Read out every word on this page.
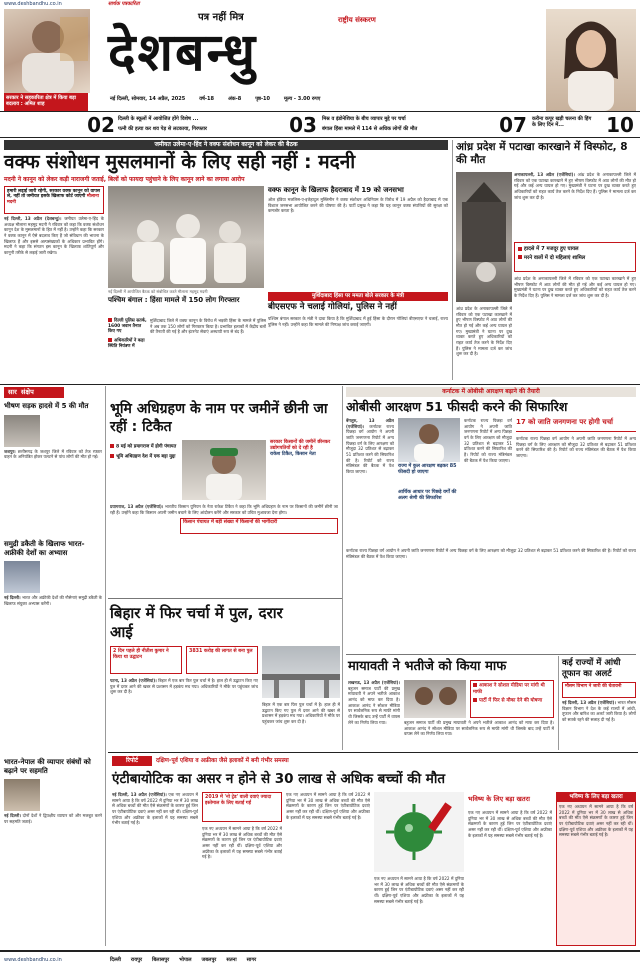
www.deshbandhu.co.in	सार्थक पत्रकारिता
सरकार ने सहकारिता क्षेत्र में किया बड़ा बदलाव : अमित शाह
पत्र नहीं मित्र	राष्ट्रीय संस्करण
देशबन्धु
नई दिल्ली, सोमवार, 14 अप्रैल, 2025	वर्ष-18	अंक-8	पृष्ठ-10	मूल्य - 3.00 रुपए
02 दिल्ली के स्कूलों में आयोजित होंगे विशेष ...
पत्नी की हत्या कर शव पेड़ से लटकाया, गिरफ्तार	03 मिस्र व इंडोनेशिया के बीच व्यापार मुद्दे पर चर्चा
बंगाल हिंसा मामले में 114 से अधिक लोगों की मौत	07 करीना कपूर खड़ी चलना की हिंग के लिए दिन में...	10
जमीयत उलेमा-ए-हिंद ने वक्फ संशोधन कानून को लेकर की बैठक
वक्फ संशोधन मुसलमानों के लिए सही नहीं : मदनी
मदनी ने कानून को लेकर कड़ी नाराजगी जताई, बिलों को फायदा पहुंचाने के लिए कानून लाने का लगाया आरोप
हमारी लड़ाई जारी रहेगी, सरकार वक्फ कानून को वापस ले, नहीं तो जमीयत इसके खिलाफ कोर्ट जाएगी मौलाना मदनी
नई दिल्ली, 13 अप्रैल (देशबन्धु)। जमीयत उलेमा-ए-हिंद के अध्यक्ष मौलाना महमूद मदनी ने रविवार को कहा कि वक्फ संशोधन कानून देश के मुसलमानों के हित में नहीं है। उन्होंने कहा कि सरकार ने वक्फ कानून में ऐसे बदलाव किए हैं जो संविधान की भावना के खिलाफ हैं और इससे अल्पसंख्यकों के अधिकार प्रभावित होंगे। मदनी ने कहा कि संगठन इस कानून के खिलाफ शांतिपूर्ण और कानूनी तरीके से लड़ाई जारी रखेगा।
नई दिल्ली में आयोजित बैठक को संबोधित करते मौलाना महमूद मदनी
वक्फ कानून के खिलाफ हैदराबाद में 19 को जनसभा
ऑल इंडिया मजलिस-ए-इत्तेहादुल मुस्लिमीन ने वक्फ संशोधन अधिनियम के विरोध में 19 अप्रैल को हैदराबाद में एक विशाल जनसभा आयोजित करने की घोषणा की है। पार्टी प्रमुख ने कहा कि यह कानून वक्फ संपत्तियों की सुरक्षा को कमजोर करता है।
पश्चिम बंगाल : हिंसा मामले में 150 लोग गिरफ्तार
दिल्ली पुलिस सतर्क, 1600 जवान तैनात किए गए
अधिकारियों ने कहा स्थिति नियंत्रण में
मुर्शिदाबाद जिले में वक्फ कानून के विरोध में भड़की हिंसा के मामले में पुलिस ने अब तक 150 लोगों को गिरफ्तार किया है। प्रभावित इलाकों में केंद्रीय बलों की तैनाती की गई है और इंटरनेट सेवाएं अस्थायी रूप से बंद हैं।
मुर्शिदाबाद हिंसा पर ममता बोले सरकार के मंत्री
बीएसएफ ने चलाई गोलियां, पुलिस ने नहीं
पश्चिम बंगाल सरकार के मंत्री ने दावा किया है कि मुर्शिदाबाद में हुई हिंसा के दौरान गोलियां बीएसएफ ने चलाईं, राज्य पुलिस ने नहीं। उन्होंने कहा कि मामले की निष्पक्ष जांच कराई जाएगी।
आंध्र प्रदेश में पटाखा कारखाने में विस्फोट, 8 की मौत
अनाकापल्ली, 13 अप्रैल (एजेंसियां)। आंध्र प्रदेश के अनाकापल्ली जिले में रविवार को एक पटाखा कारखाने में हुए भीषण विस्फोट में आठ लोगों की मौत हो गई और कई अन्य घायल हो गए। मुख्यमंत्री ने घटना पर दुख व्यक्त करते हुए अधिकारियों को राहत कार्य तेज करने के निर्देश दिए हैं। पुलिस ने मामला दर्ज कर जांच शुरू कर दी है।
हादसे में 7 मजदूर हुए घायल
मरने वालों में दो महिलाएं शामिल
आंध्र प्रदेश के अनाकापल्ली जिले में रविवार को एक पटाखा कारखाने में हुए भीषण विस्फोट में आठ लोगों की मौत हो गई और कई अन्य घायल हो गए। मुख्यमंत्री ने घटना पर दुख व्यक्त करते हुए अधिकारियों को राहत कार्य तेज करने के निर्देश दिए हैं। पुलिस ने मामला दर्ज कर जांच शुरू कर दी है।
आंध्र प्रदेश के अनाकापल्ली जिले में रविवार को एक पटाखा कारखाने में हुए भीषण विस्फोट में आठ लोगों की मौत हो गई और कई अन्य घायल हो गए। मुख्यमंत्री ने घटना पर दुख व्यक्त करते हुए अधिकारियों को राहत कार्य तेज करने के निर्देश दिए हैं। पुलिस ने मामला दर्ज कर जांच शुरू कर दी है।
सार संक्षेप
भीषण सड़क हादसे में 5 की मौत
जशपुर। छत्तीसगढ़ के जशपुर जिले में रविवार को तेज रफ्तार वाहन के अनियंत्रित होकर पलटने से पांच लोगों की मौत हो गई।
समुद्री डकैती के खिलाफ भारत-अफ्रीकी देशों का अभ्यास
नई दिल्ली। भारत और अफ्रीकी देशों की नौसेनाएं समुद्री डकैती के खिलाफ संयुक्त अभ्यास करेंगी।
भारत-नेपाल की व्यापार संबंधों को बढ़ाने पर सहमति
नई दिल्ली। दोनों देशों ने द्विपक्षीय व्यापार को और मजबूत करने पर सहमति जताई।
भूमि अधिग्रहण के नाम पर जमीनें छीनी जा रहीं : टिकैत
8 मई को प्रयागराज में होगी पंचायत
भूमि अधिग्रहण देश में एक बड़ा मुद्दा
सरकार किसानों की जमीनें छीनकर उद्योगपतियों को दे रही है
राकेश टिकैत, किसान नेता
प्रयागराज, 13 अप्रैल (एजेंसियां)। भारतीय किसान यूनियन के नेता राकेश टिकैत ने कहा कि भूमि अधिग्रहण के नाम पर किसानों की जमीनें छीनी जा रही हैं। उन्होंने कहा कि किसान अपनी जमीन बचाने के लिए आंदोलन करेंगे और सरकार को उचित मुआवजा देना होगा।
किसान पंचायत में बड़ी संख्या में किसानों की भागीदारी
कर्नाटक में ओबीसी आरक्षण बढ़ाने की तैयारी
ओबीसी आरक्षण 51 फीसदी करने की सिफारिश
बेंगलुरु, 13 अप्रैल (एजेंसियां)। कर्नाटक राज्य पिछड़ा वर्ग आयोग ने अपनी जाति जनगणना रिपोर्ट में अन्य पिछड़ा वर्ग के लिए आरक्षण को मौजूदा 32 प्रतिशत से बढ़ाकर 51 प्रतिशत करने की सिफारिश की है। रिपोर्ट को राज्य मंत्रिमंडल की बैठक में पेश किया जाएगा।
राज्य में कुल आरक्षण बढ़कर 85 फीसदी हो जाएगा
आर्थिक आधार पर पिछड़े वर्गों की अलग श्रेणी की सिफारिश
कर्नाटक राज्य पिछड़ा वर्ग आयोग ने अपनी जाति जनगणना रिपोर्ट में अन्य पिछड़ा वर्ग के लिए आरक्षण को मौजूदा 32 प्रतिशत से बढ़ाकर 51 प्रतिशत करने की सिफारिश की है। रिपोर्ट को राज्य मंत्रिमंडल की बैठक में पेश किया जाएगा।
17 को जाति जनगणना पर होगी चर्चा
कर्नाटक राज्य पिछड़ा वर्ग आयोग ने अपनी जाति जनगणना रिपोर्ट में अन्य पिछड़ा वर्ग के लिए आरक्षण को मौजूदा 32 प्रतिशत से बढ़ाकर 51 प्रतिशत करने की सिफारिश की है। रिपोर्ट को राज्य मंत्रिमंडल की बैठक में पेश किया जाएगा।
कर्नाटक राज्य पिछड़ा वर्ग आयोग ने अपनी जाति जनगणना रिपोर्ट में अन्य पिछड़ा वर्ग के लिए आरक्षण को मौजूदा 32 प्रतिशत से बढ़ाकर 51 प्रतिशत करने की सिफारिश की है। रिपोर्ट को राज्य मंत्रिमंडल की बैठक में पेश किया जाएगा।
बिहार में फिर चर्चा में पुल, दरार आई
2 दिन पहले ही नीतीश कुमार ने किया था उद्घाटन
3831 करोड़ की लागत से बना पुल
पटना, 13 अप्रैल (एजेंसियां)। बिहार में एक बार फिर पुल चर्चा में है। हाल ही में उद्घाटन किए गए पुल में दरार आने की खबर से प्रशासन में हड़कंप मच गया। अधिकारियों ने मौके पर पहुंचकर जांच शुरू कर दी है।
बिहार में एक बार फिर पुल चर्चा में है। हाल ही में उद्घाटन किए गए पुल में दरार आने की खबर से प्रशासन में हड़कंप मच गया। अधिकारियों ने मौके पर पहुंचकर जांच शुरू कर दी है।
मायावती ने भतीजे को किया माफ
लखनऊ, 13 अप्रैल (एजेंसियां)। बहुजन समाज पार्टी की प्रमुख मायावती ने अपने भतीजे आकाश आनंद को माफ कर दिया है। आकाश आनंद ने सोशल मीडिया पर सार्वजनिक रूप से माफी मांगी थी जिसके बाद उन्हें पार्टी में वापस लेने का निर्णय लिया गया।
आकाश ने सोशल मीडिया पर मांगी थी माफी
पार्टी में फिर से मौका देने की घोषणा
बहुजन समाज पार्टी की प्रमुख मायावती ने अपने भतीजे आकाश आनंद को माफ कर दिया है। आकाश आनंद ने सोशल मीडिया पर सार्वजनिक रूप से माफी मांगी थी जिसके बाद उन्हें पार्टी में वापस लेने का निर्णय लिया गया।
कई राज्यों में आंधी तूफान का अलर्ट
मौसम विभाग ने जारी की चेतावनी
नई दिल्ली, 13 अप्रैल (एजेंसियां)। भारत मौसम विज्ञान विभाग ने देश के कई राज्यों में आंधी, तूफान और बारिश का अलर्ट जारी किया है। लोगों को सतर्क रहने की सलाह दी गई है।
रिपोर्ट	दक्षिण-पूर्व एशिया व अफ्रीका जैसे इलाकों में बनी गंभीर समस्या
एंटीबायोटिक का असर न होने से 30 लाख से अधिक बच्चों की मौत
नई दिल्ली, 13 अप्रैल (एजेंसियां)। एक नए अध्ययन में सामने आया है कि वर्ष 2022 में दुनिया भर में 30 लाख से अधिक बच्चों की मौत ऐसे संक्रमणों के कारण हुई जिन पर एंटीबायोटिक दवाएं असर नहीं कर रही थीं। दक्षिण-पूर्व एशिया और अफ्रीका के इलाकों में यह समस्या सबसे गंभीर बताई गई है।
2019 में 'नो ट्रेड' वाली दवाएं ज्यादा इस्तेमाल के लिए बताई गईं
एक नए अध्ययन में सामने आया है कि वर्ष 2022 में दुनिया भर में 30 लाख से अधिक बच्चों की मौत ऐसे संक्रमणों के कारण हुई जिन पर एंटीबायोटिक दवाएं असर नहीं कर रही थीं। दक्षिण-पूर्व एशिया और अफ्रीका के इलाकों में यह समस्या सबसे गंभीर बताई गई है।
एक नए अध्ययन में सामने आया है कि वर्ष 2022 में दुनिया भर में 30 लाख से अधिक बच्चों की मौत ऐसे संक्रमणों के कारण हुई जिन पर एंटीबायोटिक दवाएं असर नहीं कर रही थीं। दक्षिण-पूर्व एशिया और अफ्रीका के इलाकों में यह समस्या सबसे गंभीर बताई गई है।
एक नए अध्ययन में सामने आया है कि वर्ष 2022 में दुनिया भर में 30 लाख से अधिक बच्चों की मौत ऐसे संक्रमणों के कारण हुई जिन पर एंटीबायोटिक दवाएं असर नहीं कर रही थीं। दक्षिण-पूर्व एशिया और अफ्रीका के इलाकों में यह समस्या सबसे गंभीर बताई गई है।
एक नए अध्ययन में सामने आया है कि वर्ष 2022 में दुनिया भर में 30 लाख से अधिक बच्चों की मौत ऐसे संक्रमणों के कारण हुई जिन पर एंटीबायोटिक दवाएं असर नहीं कर रही थीं। दक्षिण-पूर्व एशिया और अफ्रीका के इलाकों में यह समस्या सबसे गंभीर बताई गई है।
भविष्य के लिए बड़ा खतरा
एक नए अध्ययन में सामने आया है कि वर्ष 2022 में दुनिया भर में 30 लाख से अधिक बच्चों की मौत ऐसे संक्रमणों के कारण हुई जिन पर एंटीबायोटिक दवाएं असर नहीं कर रही थीं। दक्षिण-पूर्व एशिया और अफ्रीका के इलाकों में यह समस्या सबसे गंभीर बताई गई है।
भविष्य के लिए बड़ा खतरा
www.deshbandhu.co.in	दिल्ली रायपुर बिलासपुर भोपाल जबलपुर सतना सागर
